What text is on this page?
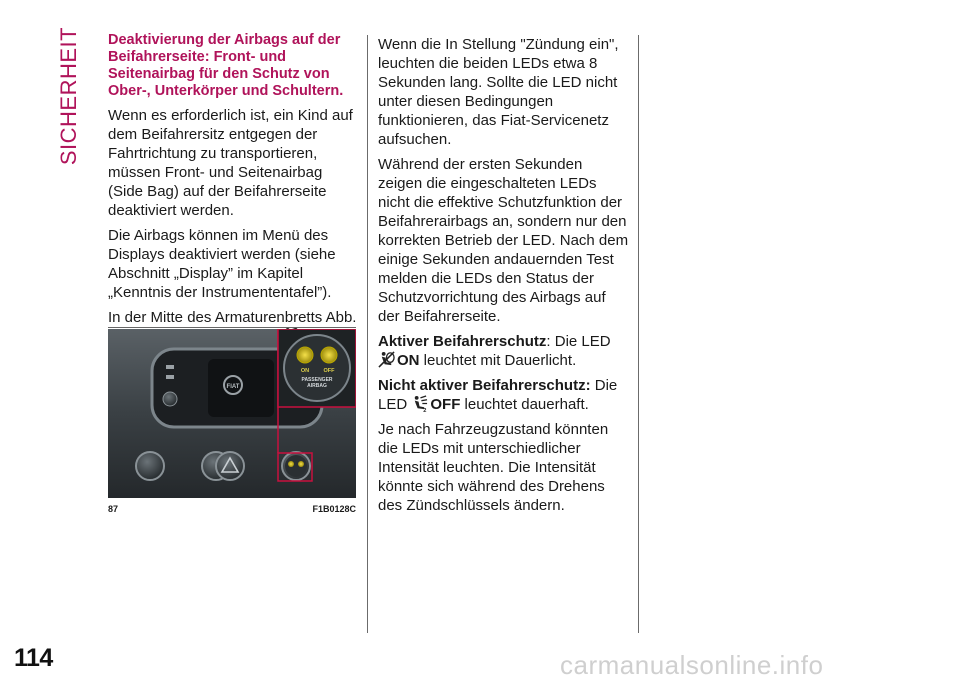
SICHERHEIT Deaktivierung der Airbags auf der Beifahrerseite: Front- und Seitenairbag für den Schutz von Ober-, Unterkörper und Schultern.

Wenn es erforderlich ist, ein Kind auf dem Beifahrersitz entgegen der Fahrtrichtung zu transportieren, müssen Front- und Seitenairbag (Side Bag) auf der Beifahrerseite deaktiviert werden.

Die Airbags können im Menü des Displays deaktiviert werden (siehe Abschnitt „Display” im Kapitel „Kenntnis der Instrumententafel”).

In der Mitte des Armaturenbretts Abb.

FIAT
ON	OFF
PASSENGER
AIRBAG
87	F1B0128C

Wenn die In Stellung "Zündung ein", leuchten die beiden LEDs etwa 8 Sekunden lang. Sollte die LED nicht unter diesen Bedingungen funktionieren, das Fiat-Servicenetz aufsuchen.

Während der ersten Sekunden zeigen die eingeschalteten LEDs nicht die effektive Schutzfunktion der Beifahrerairbags an, sondern nur den korrekten Betrieb der LED. Nach dem einige Sekunden andauernden Test melden die LEDs den Status der Schutzvorrichtung des Airbags auf der Beifahrerseite.

Aktiver Beifahrerschutz: Die LED
ON leuchtet mit Dauerlicht.

Nicht aktiver Beifahrerschutz: Die LED	2 OFF leuchtet dauerhaft.

Je nach Fahrzeugzustand könnten die LEDs mit unterschiedlicher Intensität leuchten. Die Intensität könnte sich während des Drehens des Zündschlüssels ändern.

114	carmanualsonline.info
